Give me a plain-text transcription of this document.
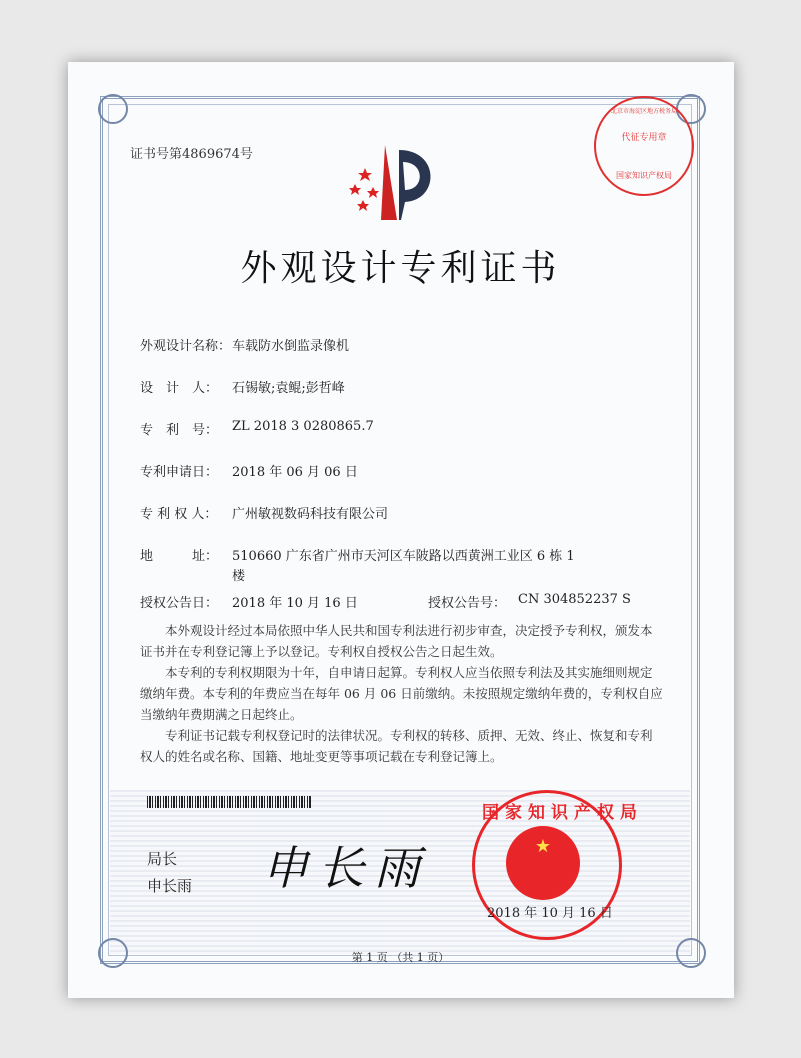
证书号第4869674号
代征专用章
北京市海淀区地方税务局
国家知识产权局
外观设计专利证书
外观设计名称： 车载防水倒监录像机
设　计　人：	石锡敏;袁鲲;彭哲峰
专　利　号：	ZL 2018 3 0280865.7
专利申请日：	2018 年 06 月 06 日
专 利 权 人：	广州敏视数码科技有限公司
地　　　址：	510660 广东省广州市天河区车陂路以西黄洲工业区 6 栋 1
楼
授权公告日：	2018 年 10 月 16 日	授权公告号： CN 304852237 S
本外观设计经过本局依照中华人民共和国专利法进行初步审查，决定授予专利权，颁发本证书并在专利登记簿上予以登记。专利权自授权公告之日起生效。
本专利的专利权期限为十年，自申请日起算。专利权人应当依照专利法及其实施细则规定缴纳年费。本专利的年费应当在每年 06 月 06 日前缴纳。未按照规定缴纳年费的，专利权自应当缴纳年费期满之日起终止。
专利证书记载专利权登记时的法律状况。专利权的转移、质押、无效、终止、恢复和专利权人的姓名或名称、国籍、地址变更等事项记载在专利登记簿上。
局长
申长雨 申长雨	★
国家知识产权局
2018 年 10 月 16 日
第 1 页 （共 1 页）
